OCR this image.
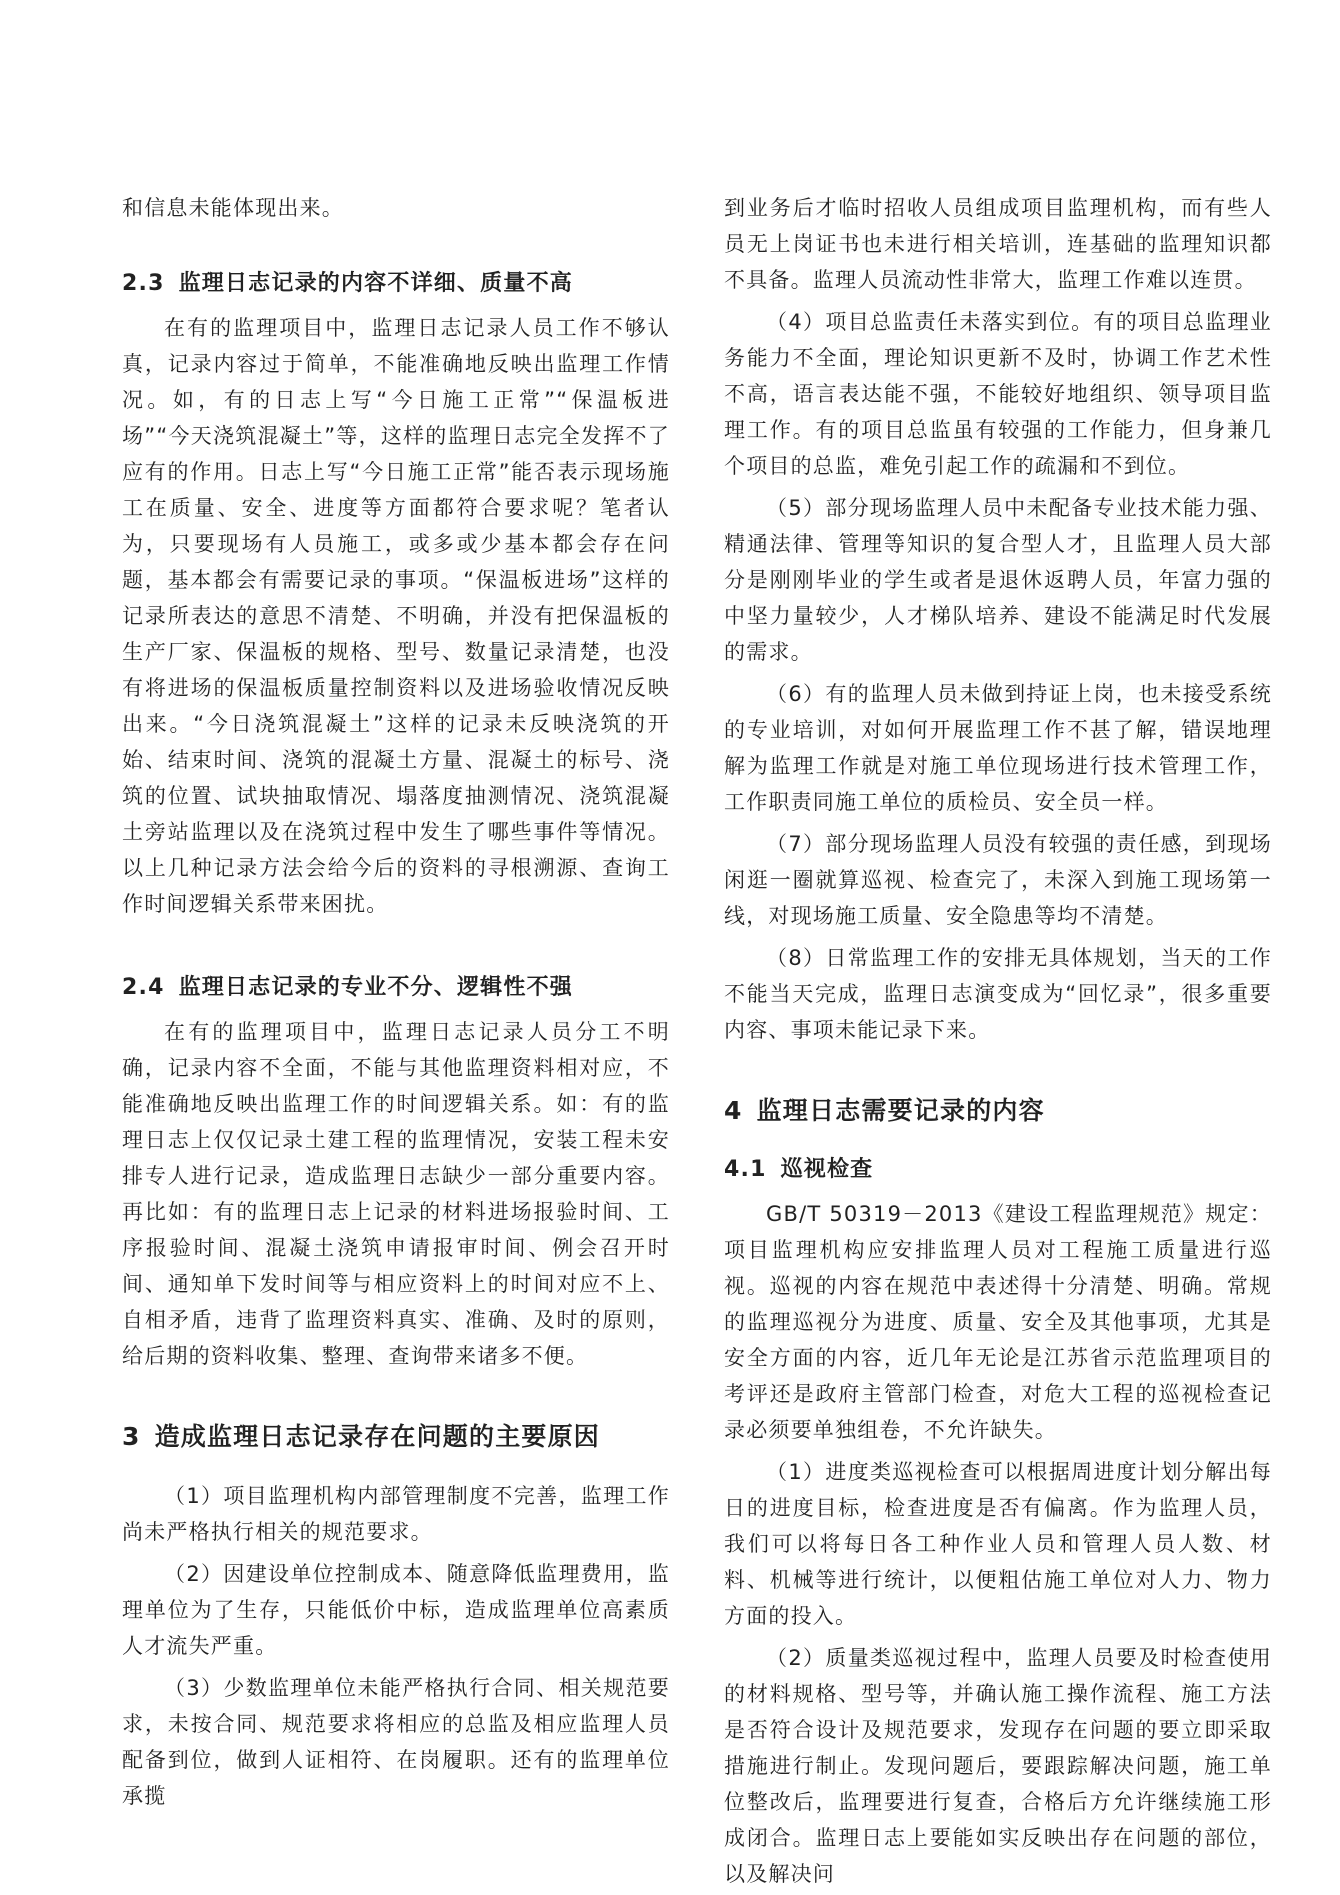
和信息未能体现出来。

2.3 监理日志记录的内容不详细、质量不高

在有的监理项目中，监理日志记录人员工作不够认真，记录内容过于简单，不能准确地反映出监理工作情况。如，有的日志上写“今日施工正常”“保温板进场”“今天浇筑混凝土”等，这样的监理日志完全发挥不了应有的作用。日志上写“今日施工正常”能否表示现场施工在质量、安全、进度等方面都符合要求呢？笔者认为，只要现场有人员施工，或多或少基本都会存在问题，基本都会有需要记录的事项。“保温板进场”这样的记录所表达的意思不清楚、不明确，并没有把保温板的生产厂家、保温板的规格、型号、数量记录清楚，也没有将进场的保温板质量控制资料以及进场验收情况反映出来。“今日浇筑混凝土”这样的记录未反映浇筑的开始、结束时间、浇筑的混凝土方量、混凝土的标号、浇筑的位置、试块抽取情况、塌落度抽测情况、浇筑混凝土旁站监理以及在浇筑过程中发生了哪些事件等情况。以上几种记录方法会给今后的资料的寻根溯源、查询工作时间逻辑关系带来困扰。

2.4 监理日志记录的专业不分、逻辑性不强

在有的监理项目中，监理日志记录人员分工不明确，记录内容不全面，不能与其他监理资料相对应，不能准确地反映出监理工作的时间逻辑关系。如：有的监理日志上仅仅记录土建工程的监理情况，安装工程未安排专人进行记录，造成监理日志缺少一部分重要内容。再比如：有的监理日志上记录的材料进场报验时间、工序报验时间、混凝土浇筑申请报审时间、例会召开时间、通知单下发时间等与相应资料上的时间对应不上、自相矛盾，违背了监理资料真实、准确、及时的原则，给后期的资料收集、整理、查询带来诸多不便。

3 造成监理日志记录存在问题的主要原因

（1）项目监理机构内部管理制度不完善，监理工作尚未严格执行相关的规范要求。

（2）因建设单位控制成本、随意降低监理费用，监理单位为了生存，只能低价中标，造成监理单位高素质人才流失严重。

（3）少数监理单位未能严格执行合同、相关规范要求，未按合同、规范要求将相应的总监及相应监理人员配备到位，做到人证相符、在岗履职。还有的监理单位承揽

到业务后才临时招收人员组成项目监理机构，而有些人员无上岗证书也未进行相关培训，连基础的监理知识都不具备。监理人员流动性非常大，监理工作难以连贯。

（4）项目总监责任未落实到位。有的项目总监理业务能力不全面，理论知识更新不及时，协调工作艺术性不高，语言表达能不强，不能较好地组织、领导项目监理工作。有的项目总监虽有较强的工作能力，但身兼几个项目的总监，难免引起工作的疏漏和不到位。

（5）部分现场监理人员中未配备专业技术能力强、精通法律、管理等知识的复合型人才，且监理人员大部分是刚刚毕业的学生或者是退休返聘人员，年富力强的中坚力量较少，人才梯队培养、建设不能满足时代发展的需求。

（6）有的监理人员未做到持证上岗，也未接受系统的专业培训，对如何开展监理工作不甚了解，错误地理解为监理工作就是对施工单位现场进行技术管理工作，工作职责同施工单位的质检员、安全员一样。

（7）部分现场监理人员没有较强的责任感，到现场闲逛一圈就算巡视、检查完了，未深入到施工现场第一线，对现场施工质量、安全隐患等均不清楚。

（8）日常监理工作的安排无具体规划，当天的工作不能当天完成，监理日志演变成为“回忆录”，很多重要内容、事项未能记录下来。

4 监理日志需要记录的内容
4.1 巡视检查

GB/T 50319－2013《建设工程监理规范》规定：项目监理机构应安排监理人员对工程施工质量进行巡视。巡视的内容在规范中表述得十分清楚、明确。常规的监理巡视分为进度、质量、安全及其他事项，尤其是安全方面的内容，近几年无论是江苏省示范监理项目的考评还是政府主管部门检查，对危大工程的巡视检查记录必须要单独组卷，不允许缺失。

（1）进度类巡视检查可以根据周进度计划分解出每日的进度目标，检查进度是否有偏离。作为监理人员，我们可以将每日各工种作业人员和管理人员人数、材料、机械等进行统计，以便粗估施工单位对人力、物力方面的投入。

（2）质量类巡视过程中，监理人员要及时检查使用的材料规格、型号等，并确认施工操作流程、施工方法是否符合设计及规范要求，发现存在问题的要立即采取措施进行制止。发现问题后，要跟踪解决问题，施工单位整改后，监理要进行复查，合格后方允许继续施工形成闭合。监理日志上要能如实反映出存在问题的部位，以及解决问
